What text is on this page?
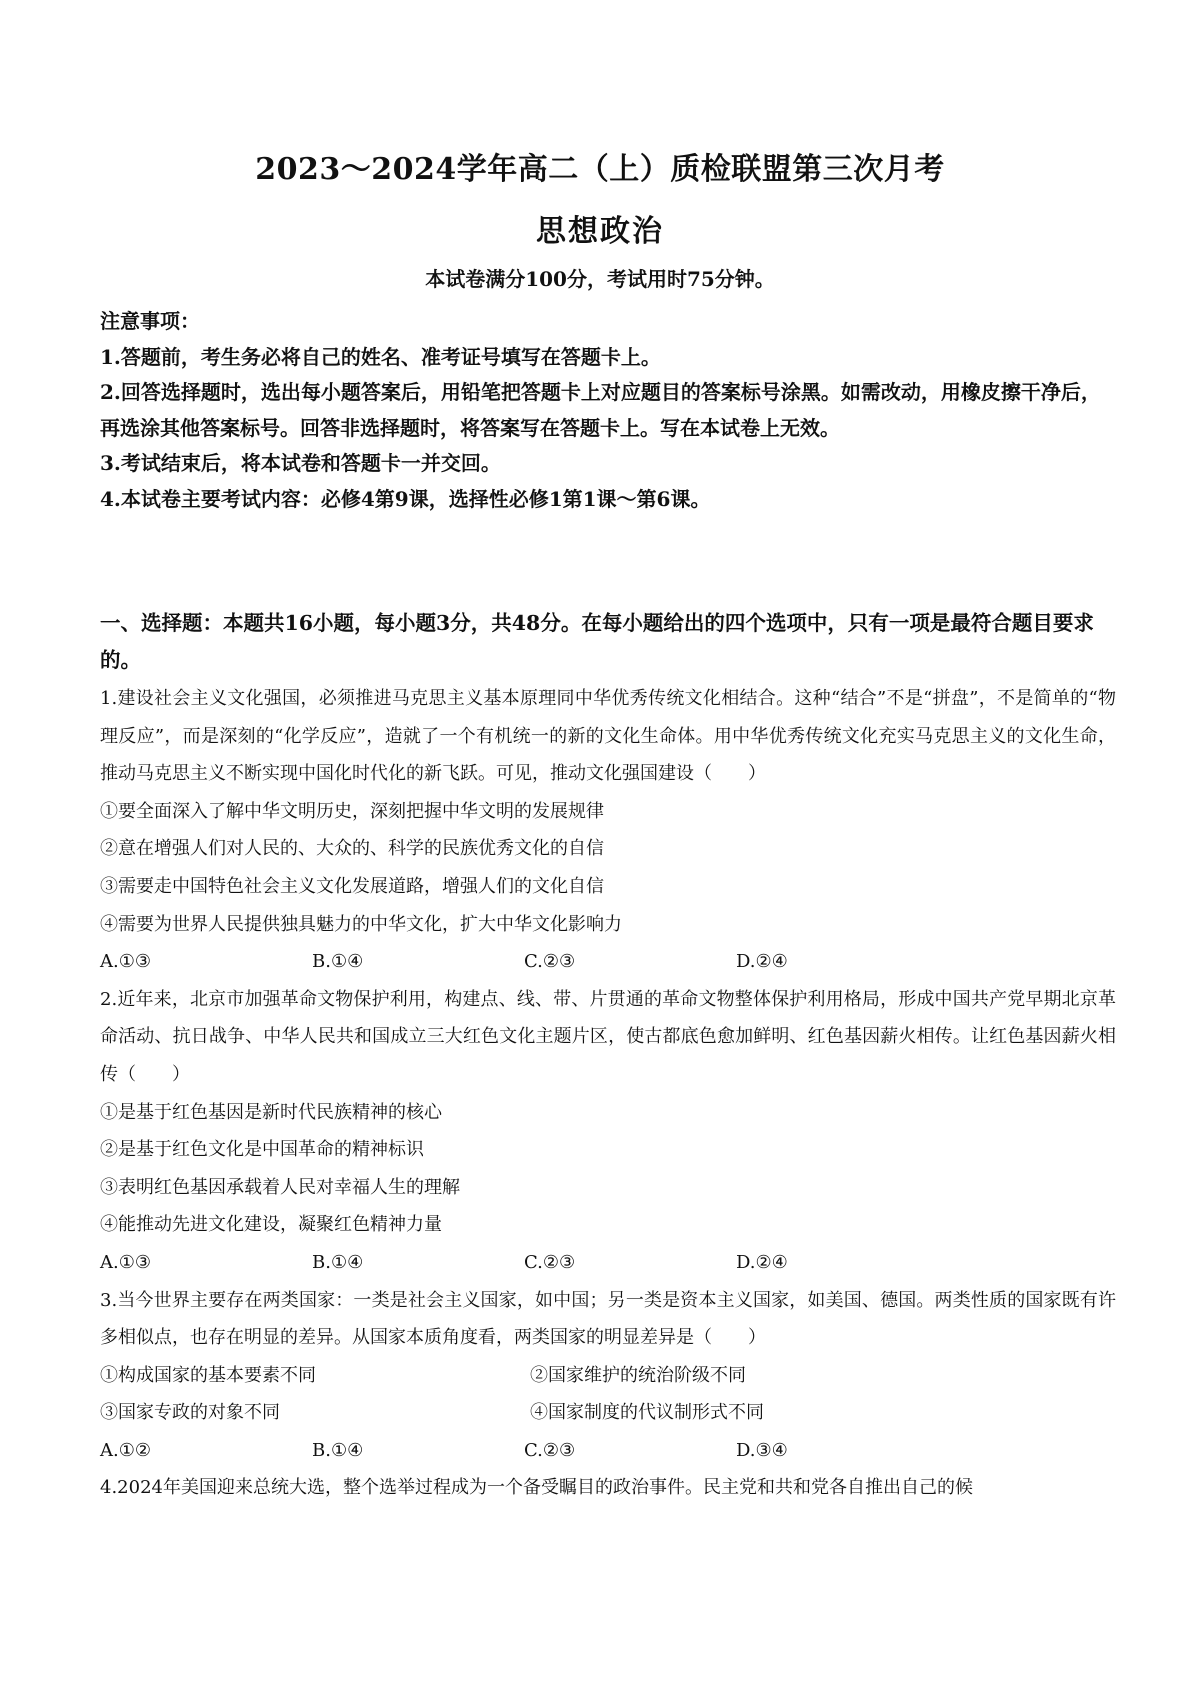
2023～2024学年高二（上）质检联盟第三次月考
思想政治
本试卷满分100分，考试用时75分钟。

注意事项：

1.答题前，考生务必将自己的姓名、准考证号填写在答题卡上。

2.回答选择题时，选出每小题答案后，用铅笔把答题卡上对应题目的答案标号涂黑。如需改动，用橡皮擦干净后，再选涂其他答案标号。回答非选择题时，将答案写在答题卡上。写在本试卷上无效。

3.考试结束后，将本试卷和答题卡一并交回。

4.本试卷主要考试内容：必修4第9课，选择性必修1第1课～第6课。

一、选择题：本题共16小题，每小题3分，共48分。在每小题给出的四个选项中，只有一项是最符合题目要求的。

1.建设社会主义文化强国，必须推进马克思主义基本原理同中华优秀传统文化相结合。这种“结合”不是“拼盘”，不是简单的“物理反应”，而是深刻的“化学反应”，造就了一个有机统一的新的文化生命体。用中华优秀传统文化充实马克思主义的文化生命，推动马克思主义不断实现中国化时代化的新飞跃。可见，推动文化强国建设（　　）

①要全面深入了解中华文明历史，深刻把握中华文明的发展规律

②意在增强人们对人民的、大众的、科学的民族优秀文化的自信

③需要走中国特色社会主义文化发展道路，增强人们的文化自信

④需要为世界人民提供独具魅力的中华文化，扩大中华文化影响力

A.①③	B.①④	C.②③	D.②④

2.近年来，北京市加强革命文物保护利用，构建点、线、带、片贯通的革命文物整体保护利用格局，形成中国共产党早期北京革命活动、抗日战争、中华人民共和国成立三大红色文化主题片区，使古都底色愈加鲜明、红色基因薪火相传。让红色基因薪火相传（　　）

①是基于红色基因是新时代民族精神的核心

②是基于红色文化是中国革命的精神标识

③表明红色基因承载着人民对幸福人生的理解

④能推动先进文化建设，凝聚红色精神力量

A.①③	B.①④	C.②③	D.②④

3.当今世界主要存在两类国家：一类是社会主义国家，如中国；另一类是资本主义国家，如美国、德国。两类性质的国家既有许多相似点，也存在明显的差异。从国家本质角度看，两类国家的明显差异是（　　）

①构成国家的基本要素不同	②国家维护的统治阶级不同
③国家专政的对象不同	④国家制度的代议制形式不同
A.①②	B.①④	C.②③	D.③④

4.2024年美国迎来总统大选，整个选举过程成为一个备受瞩目的政治事件。民主党和共和党各自推出自己的候
